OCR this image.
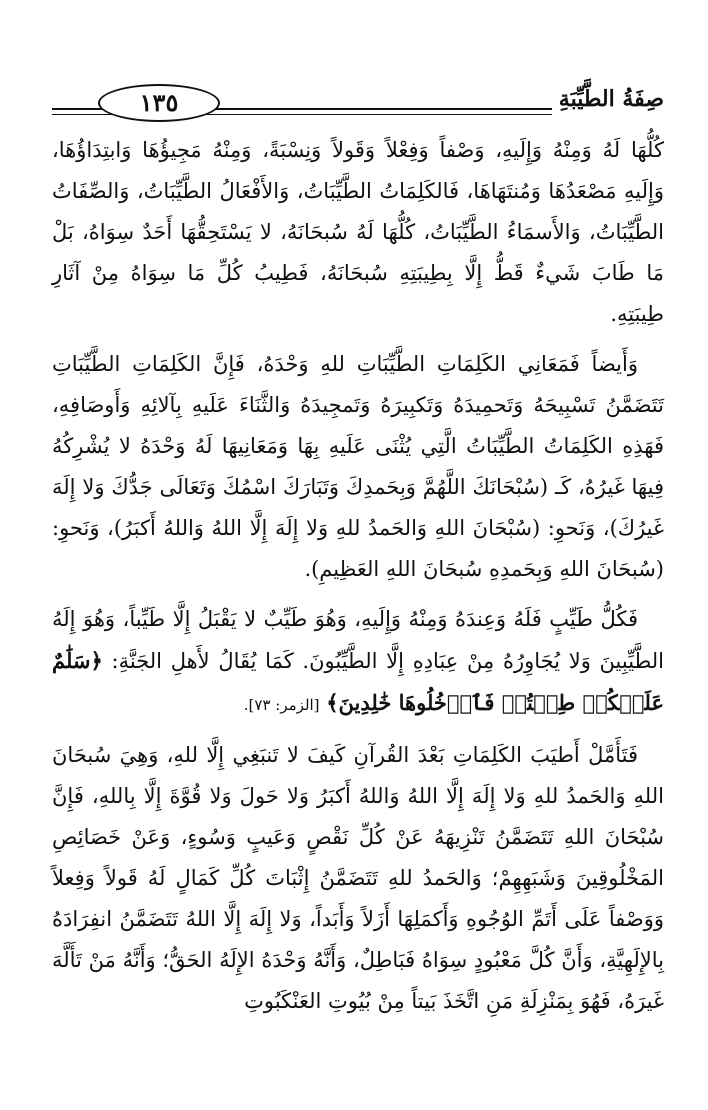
١٣٥	صِفَةُ الطَّيِّبَةِ

كُلُّهَا لَهُ وَمِنْهُ وَإِلَيهِ، وَصْفاً وَفِعْلاً وَقَولاً وَنِسْبَةً، وَمِنْهُ مَجِيؤُهَا وَابتِدَاؤُهَا، وَإِلَيهِ مَصْعَدُهَا وَمُنتَهَاهَا، فَالكَلِمَاتُ الطَّيِّبَاتُ، وَالأَفْعَالُ الطَّيِّبَاتُ، وَالصِّفَاتُ الطَّيِّبَاتُ، وَالأَسمَاءُ الطَّيِّبَاتُ، كُلُّهَا لَهُ سُبحَانَهُ، لا يَسْتَحِقُّهَا أَحَدٌ سِوَاهُ، بَلْ مَا طَابَ شَيءٌ قَطُّ إِلَّا بِطِيبَتِهِ سُبحَانَهُ، فَطِيبُ كُلِّ مَا سِوَاهُ مِنْ آثَارِ طِيبَتِهِ.

وَأَيضاً فَمَعَانِي الكَلِمَاتِ الطَّيِّبَاتِ للهِ وَحْدَهُ، فَإِنَّ الكَلِمَاتِ الطَّيِّبَاتِ تَتَضَمَّنُ تَسْبِيحَهُ وَتَحمِيدَهُ وَتَكبِيرَهُ وَتَمجِيدَهُ وَالثَّنَاءَ عَلَيهِ بِآلائِهِ وَأَوصَافِهِ، فَهَذِهِ الكَلِمَاتُ الطَّيِّبَاتُ الَّتِي يُثْنَى عَلَيهِ بِهَا وَمَعَانِيهَا لَهُ وَحْدَهُ لا يُشْرِكُهُ فِيهَا غَيرُهُ، كَـ (سُبْحَانَكَ اللَّهُمَّ وَبِحَمدِكَ وَتَبَارَكَ اسْمُكَ وَتَعَالَى جَدُّكَ وَلا إِلَهَ غَيرُكَ)، وَنَحوِ: (سُبْحَانَ اللهِ وَالحَمدُ للهِ وَلا إِلَهَ إِلَّا اللهُ وَاللهُ أَكبَرُ)، وَنَحوِ: (سُبحَانَ اللهِ وَبِحَمدِهِ سُبحَانَ اللهِ العَظِيمِ).

فَكُلُّ طَيِّبٍ فَلَهُ وَعِندَهُ وَمِنْهُ وَإِلَيهِ، وَهُوَ طَيِّبٌ لا يَقْبَلُ إِلَّا طَيِّباً، وَهُوَ إِلَهُ الطَّيِّبِينَ وَلا يُجَاوِرُهُ مِنْ عِبَادِهِ إِلَّا الطَّيِّبُونَ. كَمَا يُقَالُ لأَهلِ الجَنَّةِ: ﴿سَلَٰمٌ عَلَيۡكُمۡ طِبۡتُمۡ فَٱدۡخُلُوهَا خَٰلِدِينَ﴾ [الزمر: ٧٣].

فَتَأَمَّلْ أَطيَبَ الكَلِمَاتِ بَعْدَ القُرآنِ كَيفَ لا تَنبَغِي إِلَّا للهِ، وَهِيَ سُبحَانَ اللهِ وَالحَمدُ للهِ وَلا إِلَهَ إِلَّا اللهُ وَاللهُ أَكبَرُ وَلا حَولَ وَلا قُوَّةَ إِلَّا بِاللهِ، فَإِنَّ سُبْحَانَ اللهِ تَتَضَمَّنُ تَنْزِيهَهُ عَنْ كُلِّ نَقْصٍ وَعَيبٍ وَسُوءٍ، وَعَنْ خَصَائِصِ المَخْلُوقِينَ وَشَبَهِهِمْ؛ وَالحَمدُ للهِ تَتَضَمَّنُ إِثْبَاتَ كُلِّ كَمَالٍ لَهُ قَولاً وَفِعلاً وَوَصْفاً عَلَى أَتَمِّ الوُجُوهِ وَأَكمَلِهَا أَزَلاً وَأَبَداً، وَلا إِلَهَ إِلَّا اللهُ تَتَضَمَّنُ انفِرَادَهُ بِالإِلَهِيَّةِ، وَأَنَّ كُلَّ مَعْبُودٍ سِوَاهُ فَبَاطِلٌ، وَأَنَّهُ وَحْدَهُ الإِلَهُ الحَقُّ؛ وَأَنَّهُ مَنْ تَأَلَّهَ غَيرَهُ، فَهُوَ بِمَنْزِلَةِ مَنِ اتَّخَذَ بَيتاً مِنْ بُيُوتِ العَنْكَبُوتِ
